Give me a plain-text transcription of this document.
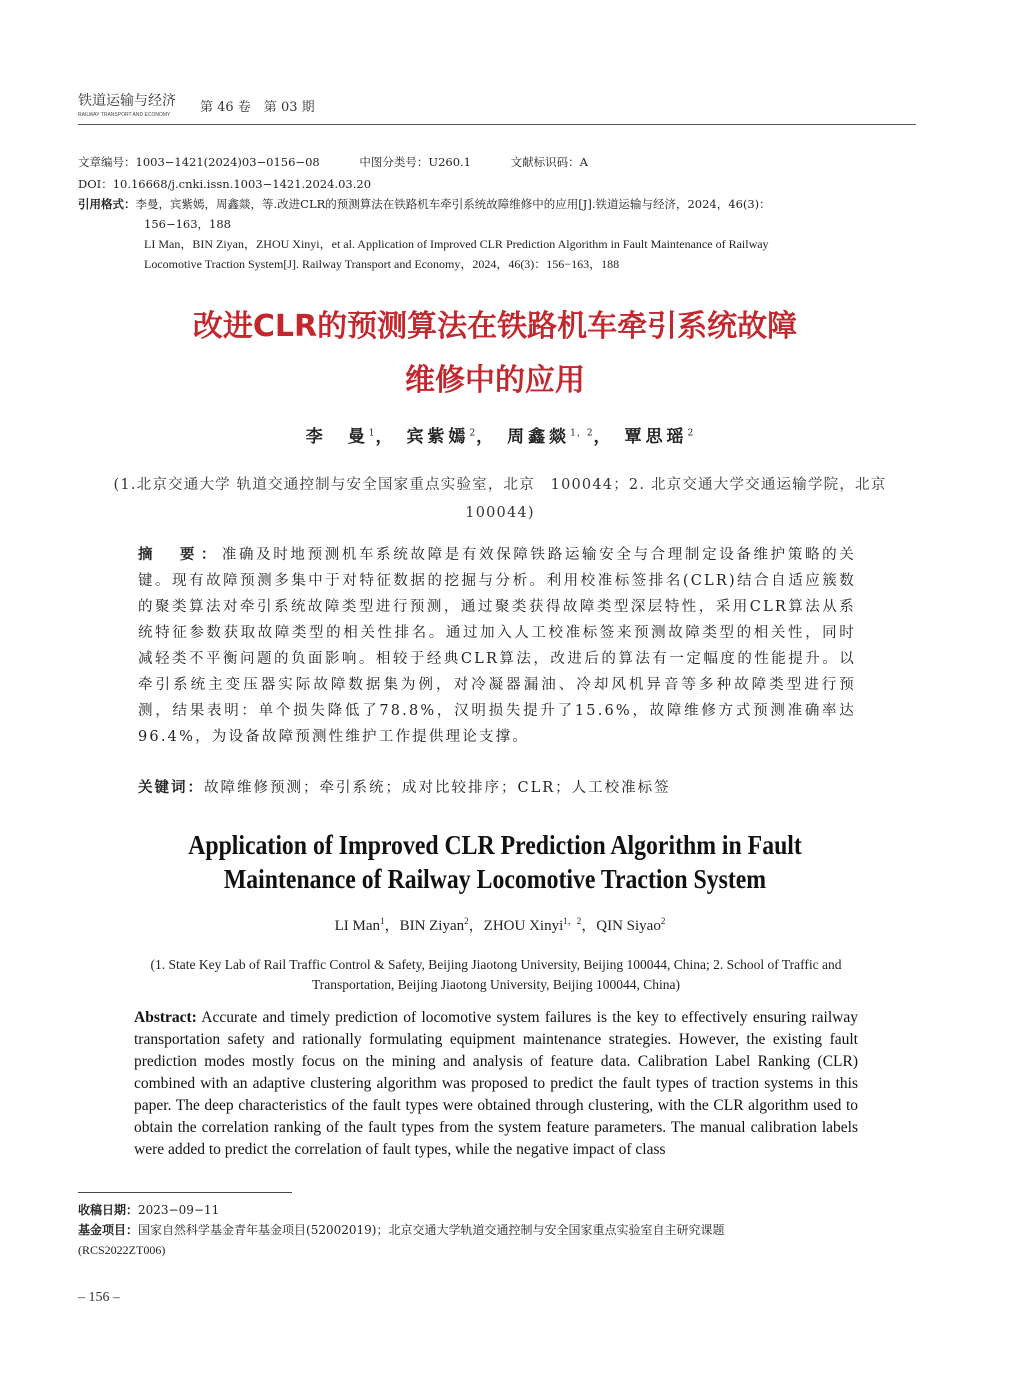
铁道运输与经济
RAILWAY TRANSPORT AND ECONOMY 第 46 卷　第 03 期
文章编号：1003−1421(2024)03−0156−08	中图分类号：U260.1	文献标识码：A
DOI：10.16668/j.cnki.issn.1003−1421.2024.03.20
引用格式：李曼，宾紫嫣，周鑫燚，等.改进CLR的预测算法在铁路机车牵引系统故障维修中的应用[J].铁道运输与经济，2024，46(3)：
156−163，188
LI Man，BIN Ziyan，ZHOU Xinyi，et al. Application of Improved CLR Prediction Algorithm in Fault Maintenance of Railway
Locomotive Traction System[J]. Railway Transport and Economy，2024，46(3)：156−163，188
改进CLR的预测算法在铁路机车牵引系统故障
维修中的应用
李　曼$^1$， 宾紫嫣$^2$， 周鑫燚$^{1,2}$， 覃思瑶$^2$
(1.北京交通大学 轨道交通控制与安全国家重点实验室，北京　100044；2. 北京交通大学交通运输学院，北京　100044)
摘　要：准确及时地预测机车系统故障是有效保障铁路运输安全与合理制定设备维护策略的关键。现有故障预测多集中于对特征数据的挖掘与分析。利用校准标签排名(CLR)结合自适应簇数的聚类算法对牵引系统故障类型进行预测，通过聚类获得故障类型深层特性，采用CLR算法从系统特征参数获取故障类型的相关性排名。通过加入人工校准标签来预测故障类型的相关性，同时减轻类不平衡问题的负面影响。相较于经典CLR算法，改进后的算法有一定幅度的性能提升。以牵引系统主变压器实际故障数据集为例，对冷凝器漏油、冷却风机异音等多种故障类型进行预测，结果表明：单个损失降低了78.8%，汉明损失提升了15.6%，故障维修方式预测准确率达96.4%，为设备故障预测性维护工作提供理论支撑。
关键词：故障维修预测；牵引系统；成对比较排序；CLR；人工校准标签
Application of Improved CLR Prediction Algorithm in Fault
Maintenance of Railway Locomotive Traction System
LI Man$^1$，BIN Ziyan$^2$，ZHOU Xinyi$^{1,2}$，QIN Siyao$^2$
(1. State Key Lab of Rail Traffic Control & Safety, Beijing Jiaotong University, Beijing 100044, China; 2. School of Traffic and Transportation, Beijing Jiaotong University, Beijing 100044, China)
Abstract: Accurate and timely prediction of locomotive system failures is the key to effectively ensuring railway transportation safety and rationally formulating equipment maintenance strategies. However, the existing fault prediction modes mostly focus on the mining and analysis of feature data. Calibration Label Ranking (CLR) combined with an adaptive clustering algorithm was proposed to predict the fault types of traction systems in this paper. The deep characteristics of the fault types were obtained through clustering, with the CLR algorithm used to obtain the correlation ranking of the fault types from the system feature parameters. The manual calibration labels were added to predict the correlation of fault types, while the negative impact of class
收稿日期：2023−09−11
基金项目：国家自然科学基金青年基金项目(52002019)；北京交通大学轨道交通控制与安全国家重点实验室自主研究课题
(RCS2022ZT006)
– 156 –
